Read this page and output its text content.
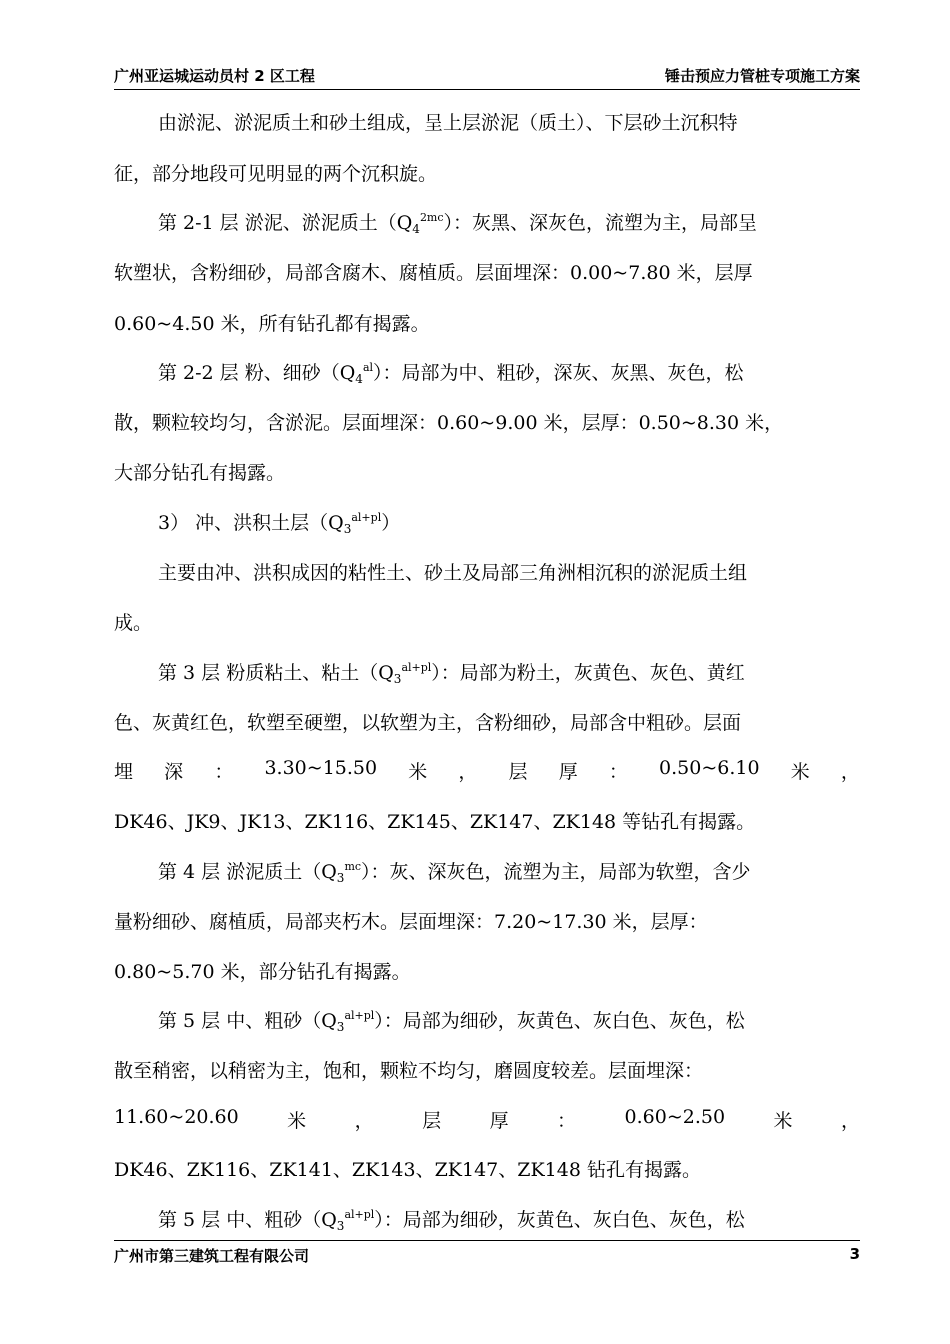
广州亚运城运动员村 2 区工程	锤击预应力管桩专项施工方案
由淤泥、淤泥质土和砂土组成，呈上层淤泥（质土）、下层砂土沉积特
征，部分地段可见明显的两个沉积旋。
第 2-1 层 淤泥、淤泥质土$(Q_4^{2mc})$：灰黑、深灰色，流塑为主，局部呈
软塑状，含粉细砂，局部含腐木、腐植质。层面埋深：0.00~7.80 米，层厚
0.60~4.50 米，所有钻孔都有揭露。
第 2-2 层 粉、细砂$(Q_4^{al})$：局部为中、粗砂，深灰、灰黑、灰色，松
散，颗粒较均匀，含淤泥。层面埋深：0.60~9.00 米，层厚：0.50~8.30 米，
大部分钻孔有揭露。
3） 冲、洪积土层$(Q_3^{al+pl})$
主要由冲、洪积成因的粘性土、砂土及局部三角洲相沉积的淤泥质土组
成。
第 3 层 粉质粘土、粘土$(Q_3^{al+pl})$：局部为粉土，灰黄色、灰色、黄红
色、灰黄红色，软塑至硬塑，以软塑为主，含粉细砂，局部含中粗砂。层面
埋 深 ： 3.30~15.50 米 ， 层 厚 ： 0.50~6.10 米 ，
DK46、JK9、JK13、ZK116、ZK145、ZK147、ZK148 等钻孔有揭露。
第 4 层 淤泥质土$(Q_3^{mc})$：灰、深灰色，流塑为主，局部为软塑，含少
量粉细砂、腐植质，局部夹朽木。层面埋深：7.20~17.30 米，层厚：
0.80~5.70 米，部分钻孔有揭露。
第 5 层 中、粗砂$(Q_3^{al+pl})$：局部为细砂，灰黄色、灰白色、灰色，松
散至稍密，以稍密为主，饱和，颗粒不均匀，磨圆度较差。层面埋深：
11.60~20.60	米	，	层	厚	：	0.60~2.50	米	，
DK46、ZK116、ZK141、ZK143、ZK147、ZK148 钻孔有揭露。
第 5 层 中、粗砂$(Q_3^{al+pl})$：局部为细砂，灰黄色、灰白色、灰色，松
广州市第三建筑工程有限公司	3
